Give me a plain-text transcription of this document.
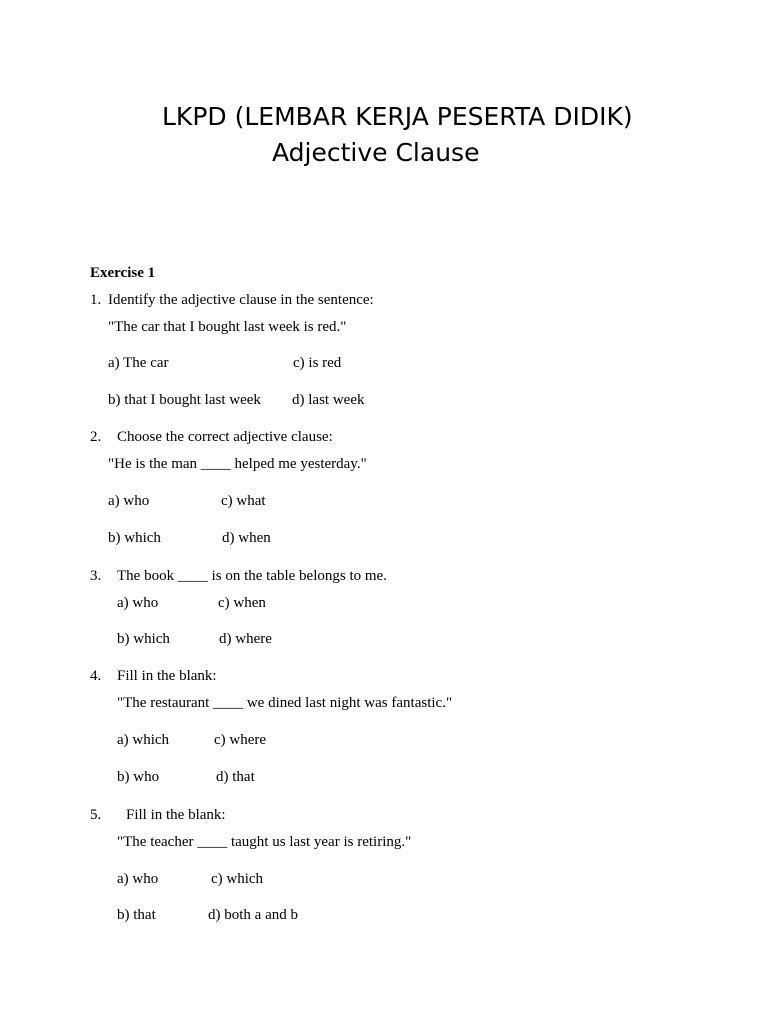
LKPD (LEMBAR KERJA PESERTA DIDIK)
Adjective Clause
Exercise 1
1. Identify the adjective clause in the sentence:
"The car that I bought last week is red."
a) The car	c) is red
b) that I bought last week d) last week
2. Choose the correct adjective clause:
"He is the man ____ helped me yesterday."
a) who	c) what
b) which	d) when
3. The book ____ is on the table belongs to me.
a) who	c) when
b) which	d) where
4. Fill in the blank:
"The restaurant ____ we dined last night was fantastic."
a) which	c) where
b) who	d) that
5. Fill in the blank:
"The teacher ____ taught us last year is retiring."
a) who	c) which
b) that	d) both a and b
